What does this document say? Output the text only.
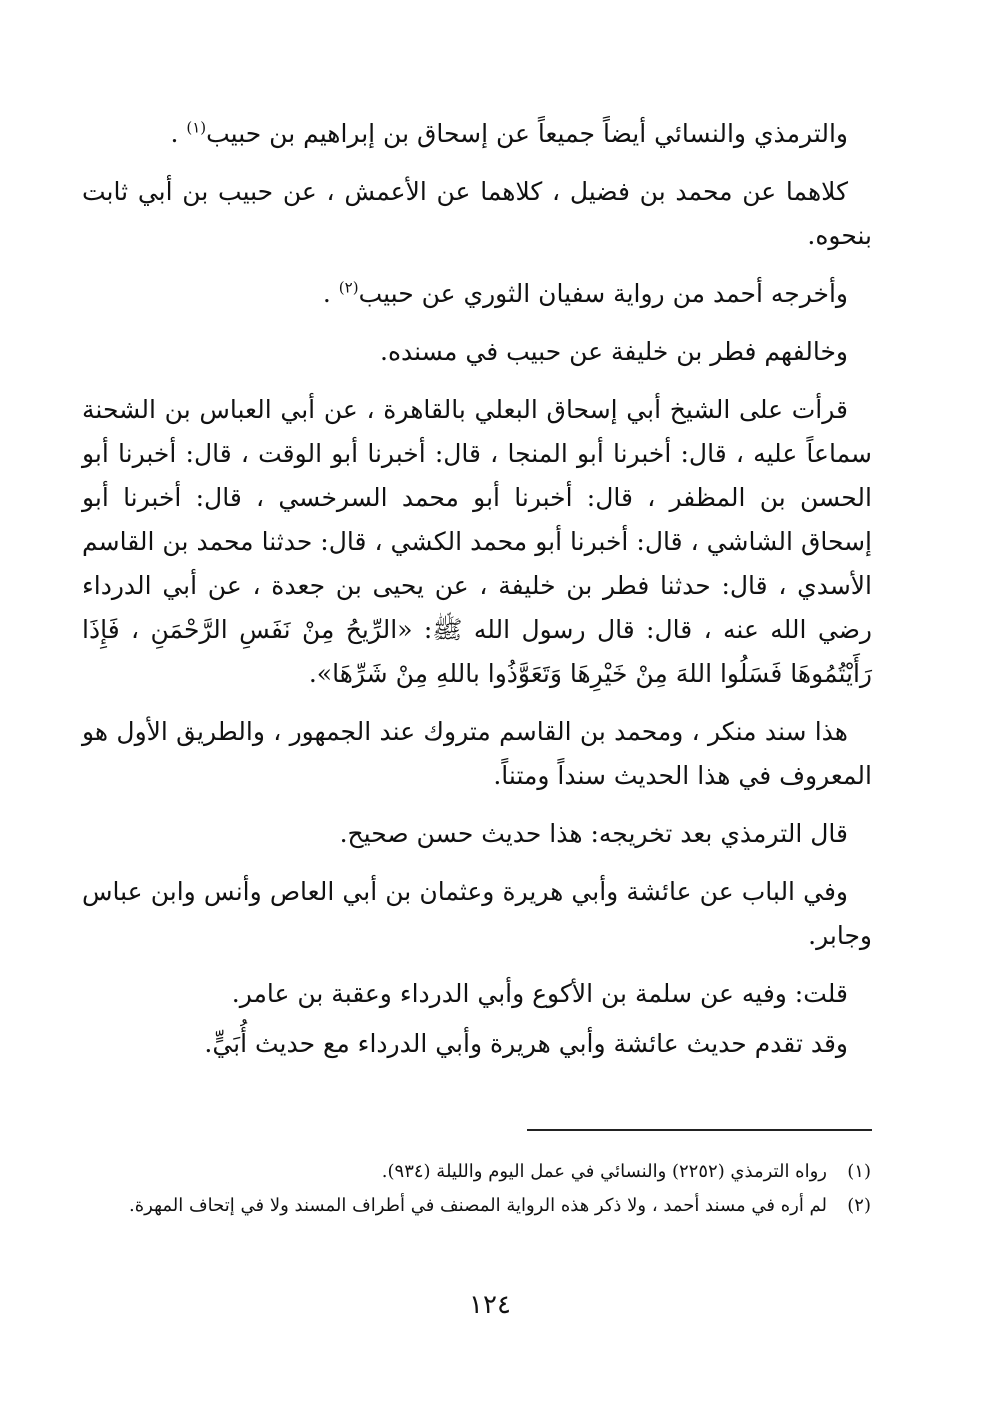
والترمذي والنسائي أيضاً جميعاً عن إسحاق بن إبراهيم بن حبيب$^{(١)}$ .

كلاهما عن محمد بن فضيل ، كلاهما عن الأعمش ، عن حبيب بن أبي ثابت بنحوه.

وأخرجه أحمد من رواية سفيان الثوري عن حبيب$^{(٢)}$ .

وخالفهم فطر بن خليفة عن حبيب في مسنده.

قرأت على الشيخ أبي إسحاق البعلي بالقاهرة ، عن أبي العباس بن الشحنة سماعاً عليه ، قال: أخبرنا أبو المنجا ، قال: أخبرنا أبو الوقت ، قال: أخبرنا أبو الحسن بن المظفر ، قال: أخبرنا أبو محمد السرخسي ، قال: أخبرنا أبو إسحاق الشاشي ، قال: أخبرنا أبو محمد الكشي ، قال: حدثنا محمد بن القاسم الأسدي ، قال: حدثنا فطر بن خليفة ، عن يحيى بن جعدة ، عن أبي الدرداء رضي الله عنه ، قال: قال رسول الله ﷺ: «الرِّيحُ مِنْ نَفَسِ الرَّحْمَنِ ، فَإِذَا رَأَيْتُمُوهَا فَسَلُوا اللهَ مِنْ خَيْرِهَا وَتَعَوَّذُوا باللهِ مِنْ شَرِّهَا».

هذا سند منكر ، ومحمد بن القاسم متروك عند الجمهور ، والطريق الأول هو المعروف في هذا الحديث سنداً ومتناً.

قال الترمذي بعد تخريجه: هذا حديث حسن صحيح.

وفي الباب عن عائشة وأبي هريرة وعثمان بن أبي العاص وأنس وابن عباس وجابر.

قلت: وفيه عن سلمة بن الأكوع وأبي الدرداء وعقبة بن عامر.

وقد تقدم حديث عائشة وأبي هريرة وأبي الدرداء مع حديث أُبَيٍّ.

(١)
رواه الترمذي (٢٢٥٢) والنسائي في عمل اليوم والليلة (٩٣٤).
(٢)
لم أره في مسند أحمد ، ولا ذكر هذه الرواية المصنف في أطراف المسند ولا في إتحاف المهرة.
١٢٤
